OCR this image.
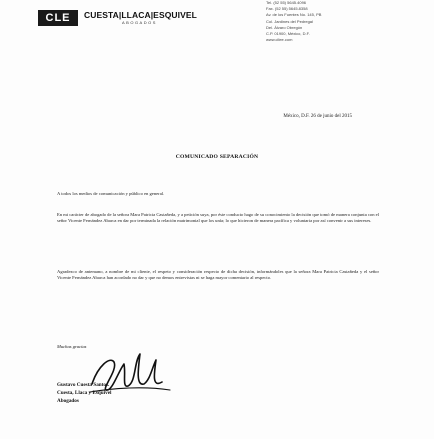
CLE	CUESTA|LLACA|ESQUIVEL
ABOGADOS
Tel. (52 55) 5645.4096
Fax. (52 55) 5645.8358
Av. de los Fuentes No. 145, PB
Col. Jardines del Pedregal
Del. Álvaro Obregón
C.P. 01900, México, D.F.
www.cllee.com
México, D.F. 26 de junio del 2015
COMUNICADO SEPARACIÓN
A todos los medios de comunicación y público en general.
En mi carácter de abogado de la señora Mara Patricia Castañeda, y a petición suya, por éste conducto hago de su conocimiento la decisión que tomó de manera conjunta con el señor Vicente Fernández Abarca en dar por terminada la relación matrimonial que los unía; lo que hicieron de manera pacífica y voluntaria por así convenir a sus intereses.
Agradezco de antemano, a nombre de mi cliente, el respeto y consideración respecto de dicha decisión, informándoles que la señora Mara Patricia Castañeda y el señor Vicente Fernández Abarca han acordado no dar y que no demos entrevistas ni se haga mayor comentario al respecto.
Muchas gracias
Gustavo Cuesta Santos.
Cuesta, Llaca y Esquivel
Abogados
